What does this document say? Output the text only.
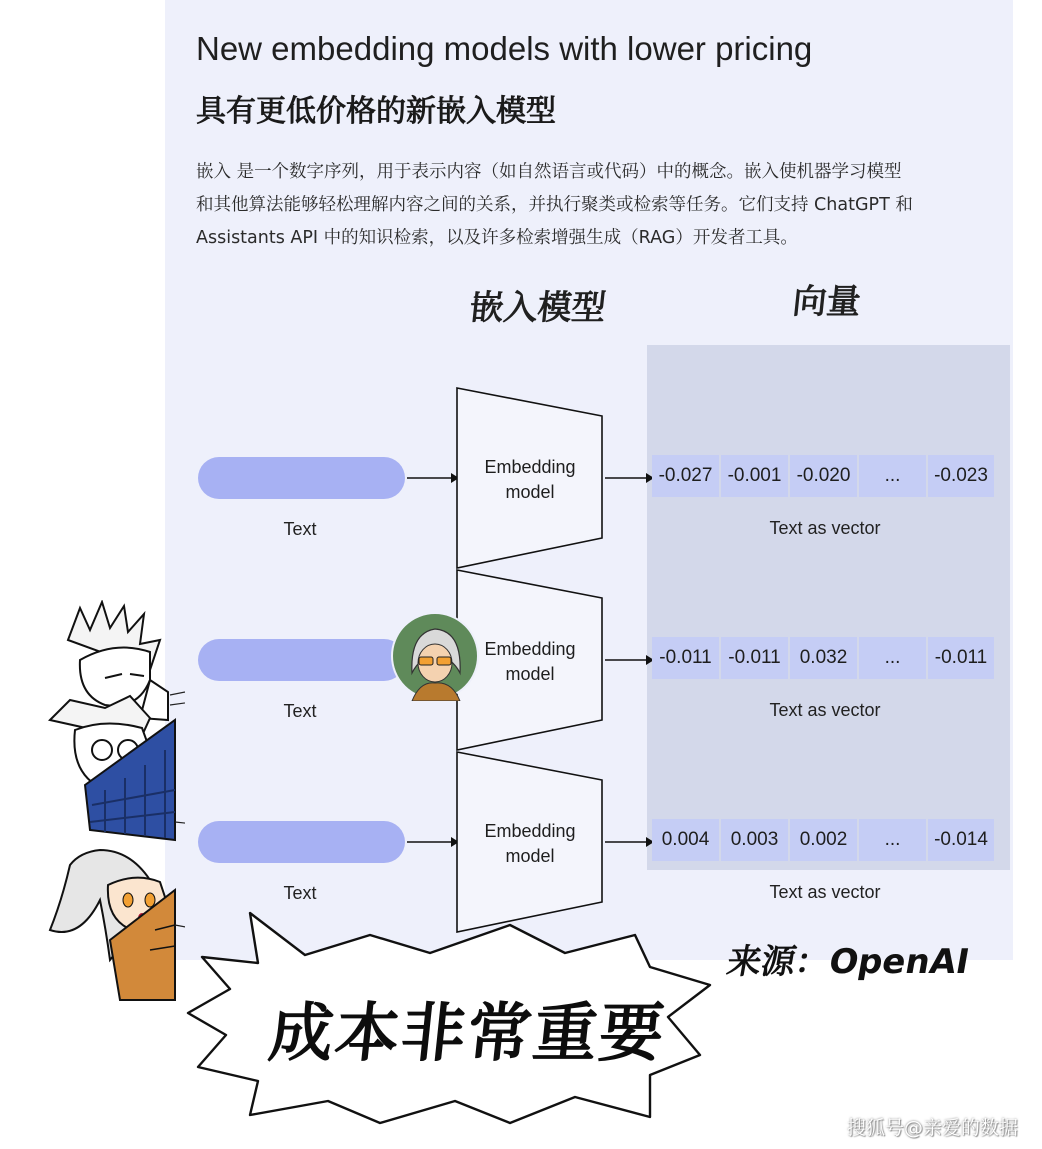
New embedding models with lower pricing
具有更低价格的新嵌入模型
嵌入 是一个数字序列，用于表示内容（如自然语言或代码）中的概念。嵌入使机器学习模型
和其他算法能够轻松理解内容之间的关系，并执行聚类或检索等任务。它们支持 ChatGPT 和
Assistants API 中的知识检索，以及许多检索增强生成（RAG）开发者工具。
嵌入模型	向量
Text
Embedding
model
-0.027 -0.001 -0.020	...	-0.023
Text as vector
Text
Embedding
model
-0.011 -0.011 0.032	...	-0.011
Text as vector
Text
Embedding
model
0.004	0.003	0.002	...	-0.014
Text as vector
成本非常重要
来源：OpenAI
搜狐号@亲爱的数据
